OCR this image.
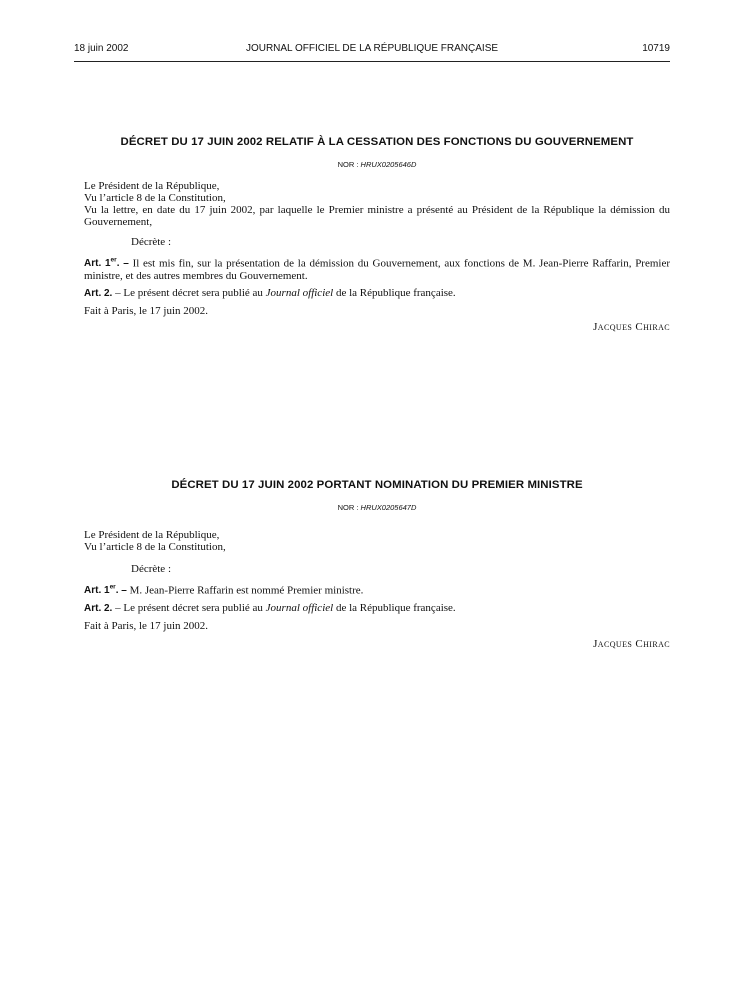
18 juin 2002	JOURNAL OFFICIEL DE LA RÉPUBLIQUE FRANÇAISE	10719
DÉCRET DU 17 JUIN 2002 RELATIF À LA CESSATION DES FONCTIONS DU GOUVERNEMENT
NOR : HRUX0205646D

Le Président de la République,

Vu l’article 8 de la Constitution,

Vu la lettre, en date du 17 juin 2002, par laquelle le Premier ministre a présenté au Président de la République la démission du Gouvernement,

Décrète :

Art. 1er. – Il est mis fin, sur la présentation de la démission du Gouvernement, aux fonctions de M. Jean-Pierre Raffarin, Premier ministre, et des autres membres du Gouvernement.

Art. 2. – Le présent décret sera publié au Journal officiel de la République française.

Fait à Paris, le 17 juin 2002.

Jacques Chirac

DÉCRET DU 17 JUIN 2002 PORTANT NOMINATION DU PREMIER MINISTRE
NOR : HRUX0205647D

Le Président de la République,

Vu l’article 8 de la Constitution,

Décrète :

Art. 1er. – M. Jean-Pierre Raffarin est nommé Premier ministre.

Art. 2. – Le présent décret sera publié au Journal officiel de la République française.

Fait à Paris, le 17 juin 2002.

Jacques Chirac
